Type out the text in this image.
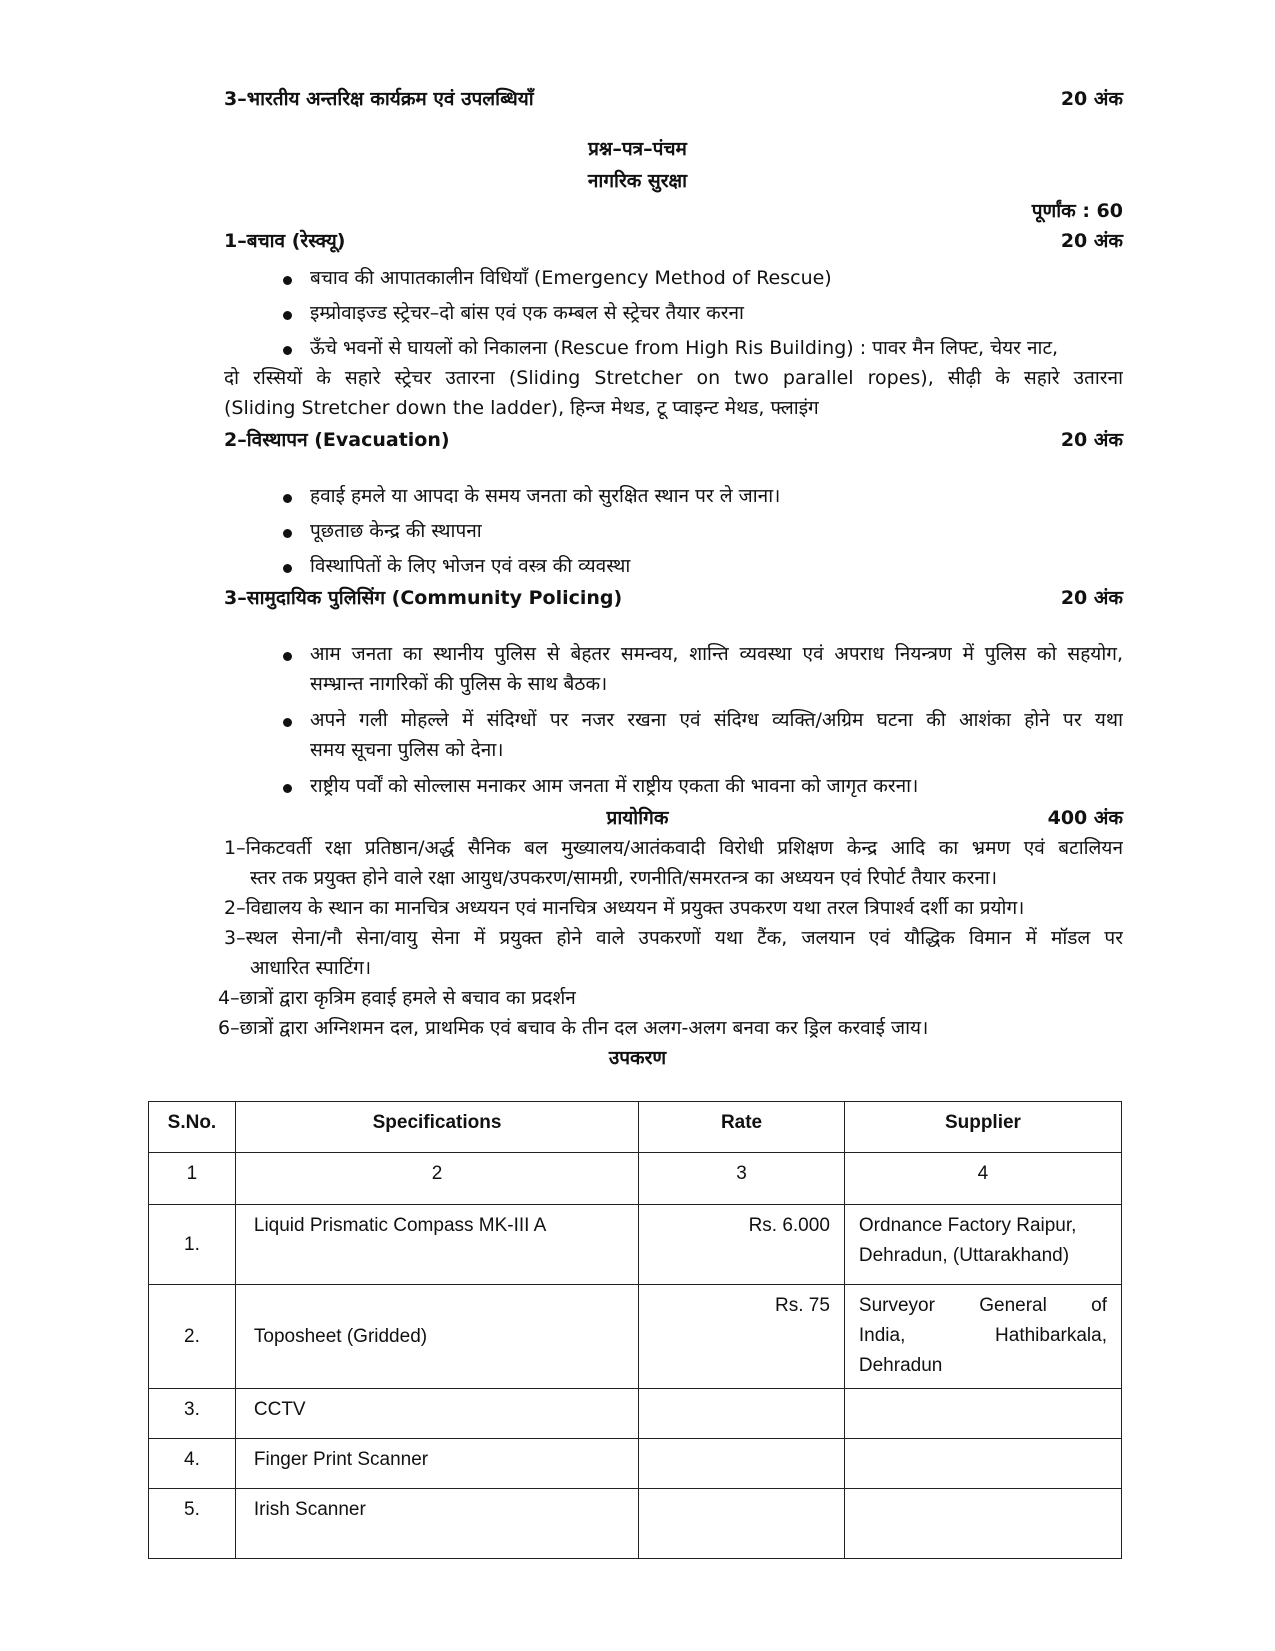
3–भारतीय अन्तरिक्ष कार्यक्रम एवं उपलब्धियाँ	20 अंक
प्रश्न–पत्र–पंचम
नागरिक सुरक्षा
पूर्णांक : 60
1–बचाव (रेस्क्यू)	20 अंक
बचाव की आपातकालीन विधियाँ (Emergency Method of Rescue)
इम्प्रोवाइज्ड स्ट्रेचर–दो बांस एवं एक कम्बल से स्ट्रेचर तैयार करना
ऊँचे भवनों से घायलों को निकालना (Rescue from High Ris Building) : पावर मैन लिफ्ट, चेयर नाट,
दो रस्सियों के सहारे स्ट्रेचर उतारना (Sliding Stretcher on two parallel ropes), सीढ़ी के सहारे उतारना
(Sliding Stretcher down the ladder), हिन्ज मेथड, टू प्वाइन्ट मेथड, फ्लाइंग
2–विस्थापन (Evacuation)	20 अंक
हवाई हमले या आपदा के समय जनता को सुरक्षित स्थान पर ले जाना।
पूछताछ केन्द्र की स्थापना
विस्थापितों के लिए भोजन एवं वस्त्र की व्यवस्था
3–सामुदायिक पुलिसिंग (Community Policing)	20 अंक
आम जनता का स्थानीय पुलिस से बेहतर समन्वय, शान्ति व्यवस्था एवं अपराध नियन्त्रण में पुलिस को सहयोग,
सम्भ्रान्त नागरिकों की पुलिस के साथ बैठक।
अपने गली मोहल्ले में संदिग्धों पर नजर रखना एवं संदिग्ध व्यक्ति/अग्रिम घटना की आशंका होने पर यथा
समय सूचना पुलिस को देना।
राष्ट्रीय पर्वों को सोल्लास मनाकर आम जनता में राष्ट्रीय एकता की भावना को जागृत करना।
प्रायोगिक	400 अंक
1–निकटवर्ती रक्षा प्रतिष्ठान/अर्द्ध सैनिक बल मुख्यालय/आतंकवादी विरोधी प्रशिक्षण केन्द्र आदि का भ्रमण एवं बटालियन
स्तर तक प्रयुक्त होने वाले रक्षा आयुध/उपकरण/सामग्री, रणनीति/समरतन्त्र का अध्ययन एवं रिपोर्ट तैयार करना।
2–विद्यालय के स्थान का मानचित्र अध्ययन एवं मानचित्र अध्ययन में प्रयुक्त उपकरण यथा तरल त्रिपार्श्व दर्शी का प्रयोग।
3–स्थल सेना/नौ सेना/वायु सेना में प्रयुक्त होने वाले उपकरणों यथा टैंक, जलयान एवं यौद्धिक विमान में मॉडल पर
आधारित स्पाटिंग।
4–छात्रों द्वारा कृत्रिम हवाई हमले से बचाव का प्रदर्शन
6–छात्रों द्वारा अग्निशमन दल, प्राथमिक एवं बचाव के तीन दल अलग-अलग बनवा कर ड्रिल करवाई जाय।
उपकरण
S.No.	Specifications	Rate	Supplier
1	2	3	4
1.	Liquid Prismatic Compass MK-III A	Rs. 6.000	Ordnance Factory Raipur,
Dehradun, (Uttarakhand)

2.	Toposheet (Gridded)	Rs. 75	Surveyor General of
India, Hathibarkala,
Dehradun

3.	CCTV		
4.	Finger Print Scanner		
5.	Irish Scanner		
